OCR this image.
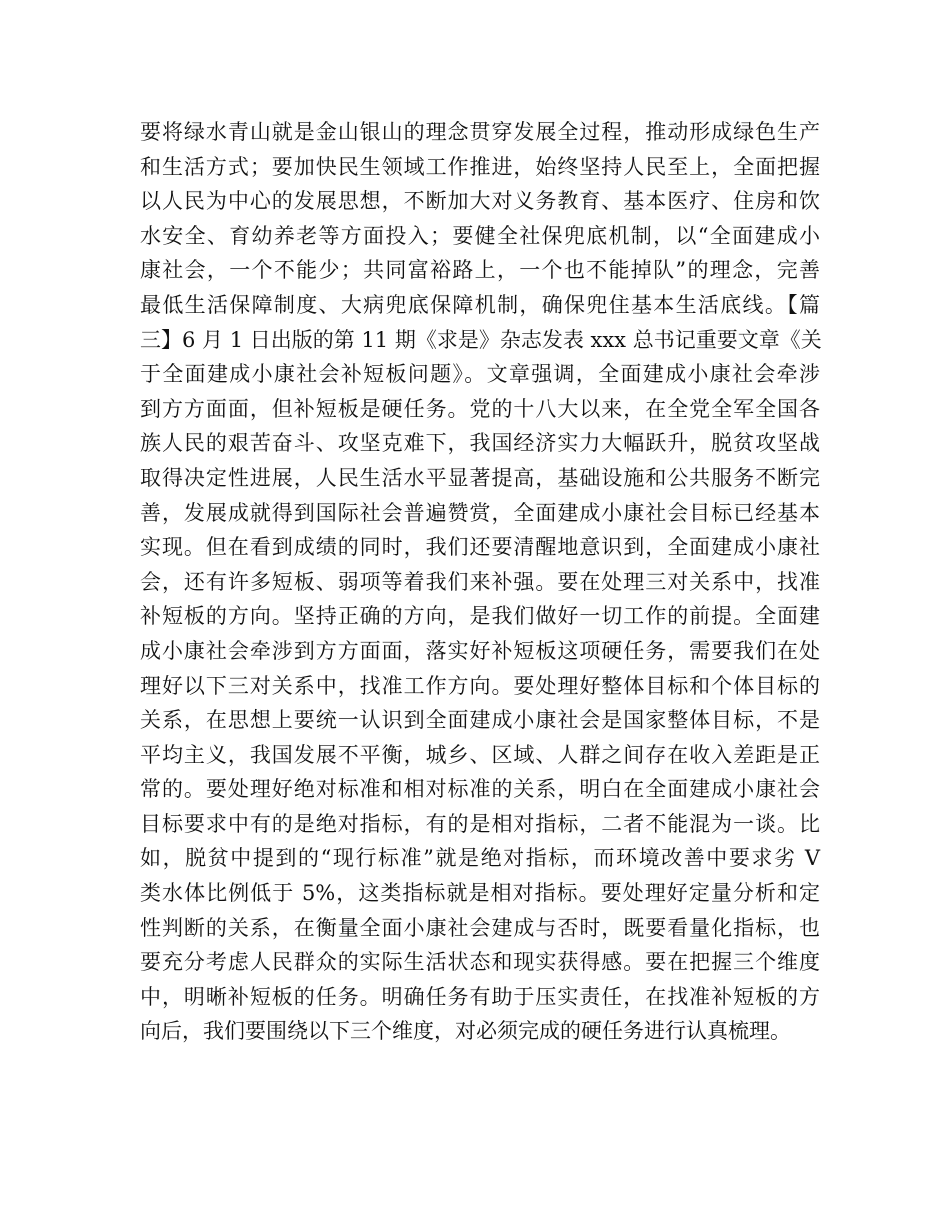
要将绿水青山就是金山银山的理念贯穿发展全过程，推动形成绿色生产
和生活方式；要加快民生领域工作推进，始终坚持人民至上，全面把握
以人民为中心的发展思想，不断加大对义务教育、基本医疗、住房和饮
水安全、育幼养老等方面投入；要健全社保兜底机制，以“全面建成小
康社会，一个不能少；共同富裕路上，一个也不能掉队”的理念，完善
最低生活保障制度、大病兜底保障机制，确保兜住基本生活底线。【篇
三】6 月 1 日出版的第 11 期《求是》杂志发表 xxx 总书记重要文章《关
于全面建成小康社会补短板问题》。文章强调，全面建成小康社会牵涉
到方方面面，但补短板是硬任务。党的十八大以来，在全党全军全国各
族人民的艰苦奋斗、攻坚克难下，我国经济实力大幅跃升，脱贫攻坚战
取得决定性进展，人民生活水平显著提高，基础设施和公共服务不断完
善，发展成就得到国际社会普遍赞赏，全面建成小康社会目标已经基本
实现。但在看到成绩的同时，我们还要清醒地意识到，全面建成小康社
会，还有许多短板、弱项等着我们来补强。要在处理三对关系中，找准
补短板的方向。坚持正确的方向，是我们做好一切工作的前提。全面建
成小康社会牵涉到方方面面，落实好补短板这项硬任务，需要我们在处
理好以下三对关系中，找准工作方向。要处理好整体目标和个体目标的
关系，在思想上要统一认识到全面建成小康社会是国家整体目标，不是
平均主义，我国发展不平衡，城乡、区域、人群之间存在收入差距是正
常的。要处理好绝对标准和相对标准的关系，明白在全面建成小康社会
目标要求中有的是绝对指标，有的是相对指标，二者不能混为一谈。比
如，脱贫中提到的“现行标准”就是绝对指标，而环境改善中要求劣 V
类水体比例低于 5%，这类指标就是相对指标。要处理好定量分析和定
性判断的关系，在衡量全面小康社会建成与否时，既要看量化指标，也
要充分考虑人民群众的实际生活状态和现实获得感。要在把握三个维度
中，明晰补短板的任务。明确任务有助于压实责任，在找准补短板的方
向后，我们要围绕以下三个维度，对必须完成的硬任务进行认真梳理。
